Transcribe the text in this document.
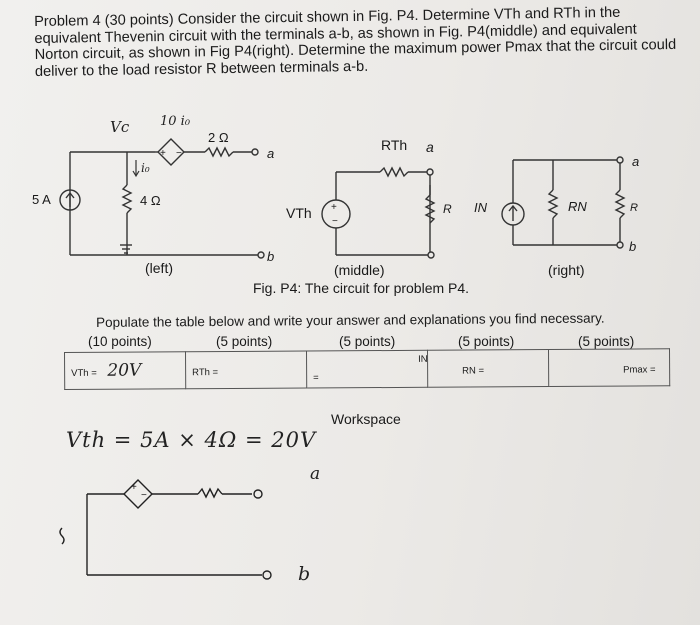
Problem 4 (30 points) Consider the circuit shown in Fig. P4. Determine VTh and RTh in the equivalent Thevenin circuit with the terminals a-b, as shown in Fig. P4(middle) and equivalent Norton circuit, as shown in Fig P4(right). Determine the maximum power Pmax that the circuit could deliver to the load resistor R between terminals a-b.

+ −
+
−
+
−
5 A	4 Ω
2 Ω
10 i₀
Vc
i₀
a
b
VTh
RTh a
R IN	RN
a
b
R
a
b
(left)	(middle)	(right)
Fig. P4: The circuit for problem P4.

Populate the table below and write your answer and explanations you find necessary.

(10 points)	(5 points)	(5 points)	(5 points)	(5 points)
VTh = 20V	RTh =	IN =	RN =	Pmax =
Workspace
Vth = 5A × 4Ω = 20V
